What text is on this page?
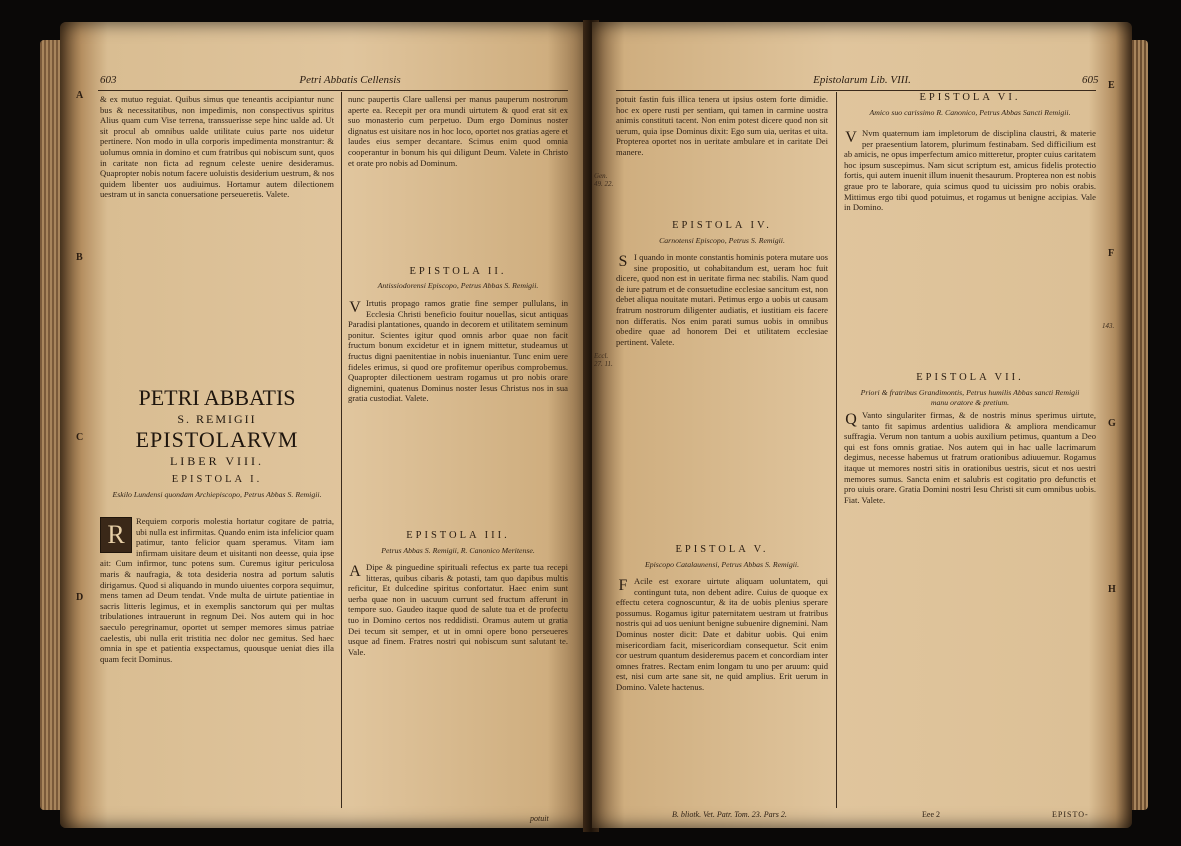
603	Petri Abbatis Cellensis
& ex mutuo reguiat. Quibus simus que teneantis accipiantur nunc bus & necessitatibus, non impedimis, non conspectivus spiritus Alius quam cum Vise terrena, transsuerisse sepe hinc ualde ad. Ut sit procul ab omnibus ualde utilitate cuius parte nos uidetur pertinere. Non modo in ulla corporis impedimenta monstrantur: & uolumus omnia in domino et cum fratribus qui nobiscum sunt, quos in caritate non ficta ad regnum celeste uenire desideramus. Quapropter nobis notum facere uoluistis desiderium uestrum, & nos quidem libenter uos audiuimus. Hortamur autem dilectionem uestram ut in sancta conuersatione perseueretis. Valete.
PETRI ABBATIS
S. REMIGII
EPISTOLARVM
LIBER VIII.
EPISTOLA I.
Eskilo Lundensi quondam Archiepiscopo, Petrus Abbas S. Remigii.
R	Requiem corporis molestia hortatur cogitare de patria, ubi nulla est infirmitas. Quando enim ista infelicior quam patimur, tanto felicior quam speramus. Vitam iam infirmam uisitare deum et uisitanti non deesse, quia ipse ait: Cum infirmor, tunc potens sum. Curemus igitur periculosa maris & naufragia, & tota desideria nostra ad portum salutis dirigamus. Quod si aliquando in mundo uiuentes corpora sequimur, mens tamen ad Deum tendat. Vnde multa de uirtute patientiae in sacris litteris legimus, et in exemplis sanctorum qui per multas tribulationes intrauerunt in regnum Dei. Nos autem qui in hoc saeculo peregrinamur, oportet ut semper memores simus patriae caelestis, ubi nulla erit tristitia nec dolor nec gemitus. Sed haec omnia in spe et patientia exspectamus, quousque ueniat dies illa quam fecit Dominus.
nunc paupertis Clare uallensi per manus pauperum nostrorum aperte ea. Recepit per ora mundi uirtutem & quod erat sit ex suo monasterio cum perpetuo. Dum ergo Dominus noster dignatus est uisitare nos in hoc loco, oportet nos gratias agere et laudes eius semper decantare. Scimus enim quod omnia cooperantur in bonum his qui diligunt Deum. Valete in Christo et orate pro nobis ad Dominum.
EPISTOLA II.
Antissiodorensi Episcopo, Petrus Abbas S. Remigii.
V Irtutis propago ramos gratie fine semper pullulans, in Ecclesia Christi beneficio fouitur nouellas, sicut antiquas Paradisi plantationes, quando in decorem et utilitatem seminum ponitur. Scientes igitur quod omnis arbor quae non facit fructum bonum excidetur et in ignem mittetur, studeamus ut fructus digni paenitentiae in nobis inueniantur. Tunc enim uere fideles erimus, si quod ore profitemur operibus comprobemus. Quapropter dilectionem uestram rogamus ut pro nobis orare dignemini, quatenus Dominus noster Iesus Christus nos in sua gratia custodiat. Valete.
EPISTOLA III.
Petrus Abbas S. Remigii, R. Canonico Meritense.
A Dipe & pinguedine spirituali refectus ex parte tua recepi litteras, quibus cibaris & potasti, tam quo dapibus multis reficitur, Et dulcedine spiritus confortatur. Haec enim sunt uerba quae non in uacuum currunt sed fructum afferunt in tempore suo. Gaudeo itaque quod de salute tua et de profectu tuo in Domino certos nos reddidisti. Oramus autem ut gratia Dei tecum sit semper, et ut in omni opere bono perseueres usque ad finem. Fratres nostri qui nobiscum sunt salutant te. Vale.
potuit
A
B
C
D
Epistolarum Lib. VIII.	605
potuit fastin fuis illica tenera ut ipsius ostem forte dimidie. hoc ex opere rusti per sentiam, qui tamen in carmine uostra animis constituti tacent. Non enim potest dicere quod non sit uerum, quia ipse Dominus dixit: Ego sum uia, ueritas et uita. Propterea oportet nos in ueritate ambulare et in caritate Dei manere.
EPISTOLA IV.
Carnotensi Episcopo, Petrus S. Remigii.
S I quando in monte constantis hominis potera mutare uos sine propositio, ut cohabitandum est, ueram hoc fuit dicere, quod non est in ueritate firma nec stabilis. Nam quod de iure patrum et de consuetudine ecclesiae sancitum est, non debet aliqua nouitate mutari. Petimus ergo a uobis ut causam fratrum nostrorum diligenter audiatis, et iustitiam eis facere non differatis. Nos enim parati sumus uobis in omnibus obedire quae ad honorem Dei et utilitatem ecclesiae pertinent. Valete.
EPISTOLA V.
Episcopo Catalaunensi, Petrus Abbas S. Remigii.
F Acile est exorare uirtute aliquam uoluntatem, qui contingunt tuta, non debent adire. Cuius de quoque ex effectu cetera cognoscuntur, & ita de uobis plenius sperare possumus. Rogamus igitur paternitatem uestram ut fratribus nostris qui ad uos ueniunt benigne subuenire dignemini. Nam Dominus noster dicit: Date et dabitur uobis. Qui enim misericordiam facit, misericordiam consequetur. Scit enim cor uestrum quantum desideremus pacem et concordiam inter omnes fratres. Rectam enim longam tu uno per aruum: quid est, nisi cum arte sane sit, ne quid amplius. Erit uerum in Domino. Valete hactenus.
EPISTOLA VI.
Amico suo carissimo R. Canonico, Petrus Abbas Sancti Remigii.
V Nvm quaternum iam impletorum de disciplina claustri, & materie per praesentium latorem, plurimum festinabam. Sed difficilium est ab amicis, ne opus imperfectum amico mitteretur, propter cuius caritatem hoc ipsum suscepimus. Nam sicut scriptum est, amicus fidelis protectio fortis, qui autem inuenit illum inuenit thesaurum. Propterea non est nobis graue pro te laborare, quia scimus quod tu uicissim pro nobis orabis. Mittimus ergo tibi quod potuimus, et rogamus ut benigne accipias. Vale in Domino.
EPISTOLA VII.
Priori & fratribus Grandimontis, Petrus humilis Abbas sancti Remigii manu oratore & pretium.
Q Vanto singulariter firmas, & de nostris minus sperimus uirtute, tanto fit sapimus ardentius ualidiora & ampliora mendicamur suffragia. Verum non tantum a uobis auxilium petimus, quantum a Deo qui est fons omnis gratiae. Nos autem qui in hac ualle lacrimarum degimus, necesse habemus ut fratrum orationibus adiuuemur. Rogamus itaque ut memores nostri sitis in orationibus uestris, sicut et nos uestri memores sumus. Sancta enim et salubris est cogitatio pro defunctis et pro uiuis orare. Gratia Domini nostri Iesu Christi sit cum omnibus uobis. Fiat. Valete.
E
F
G
H
Gen. 49. 22.
Eccl. 27. 11.
143.
B. bliotk. Vet. Patr. Tom. 23. Pars 2.	Eee 2	EPISTO-
